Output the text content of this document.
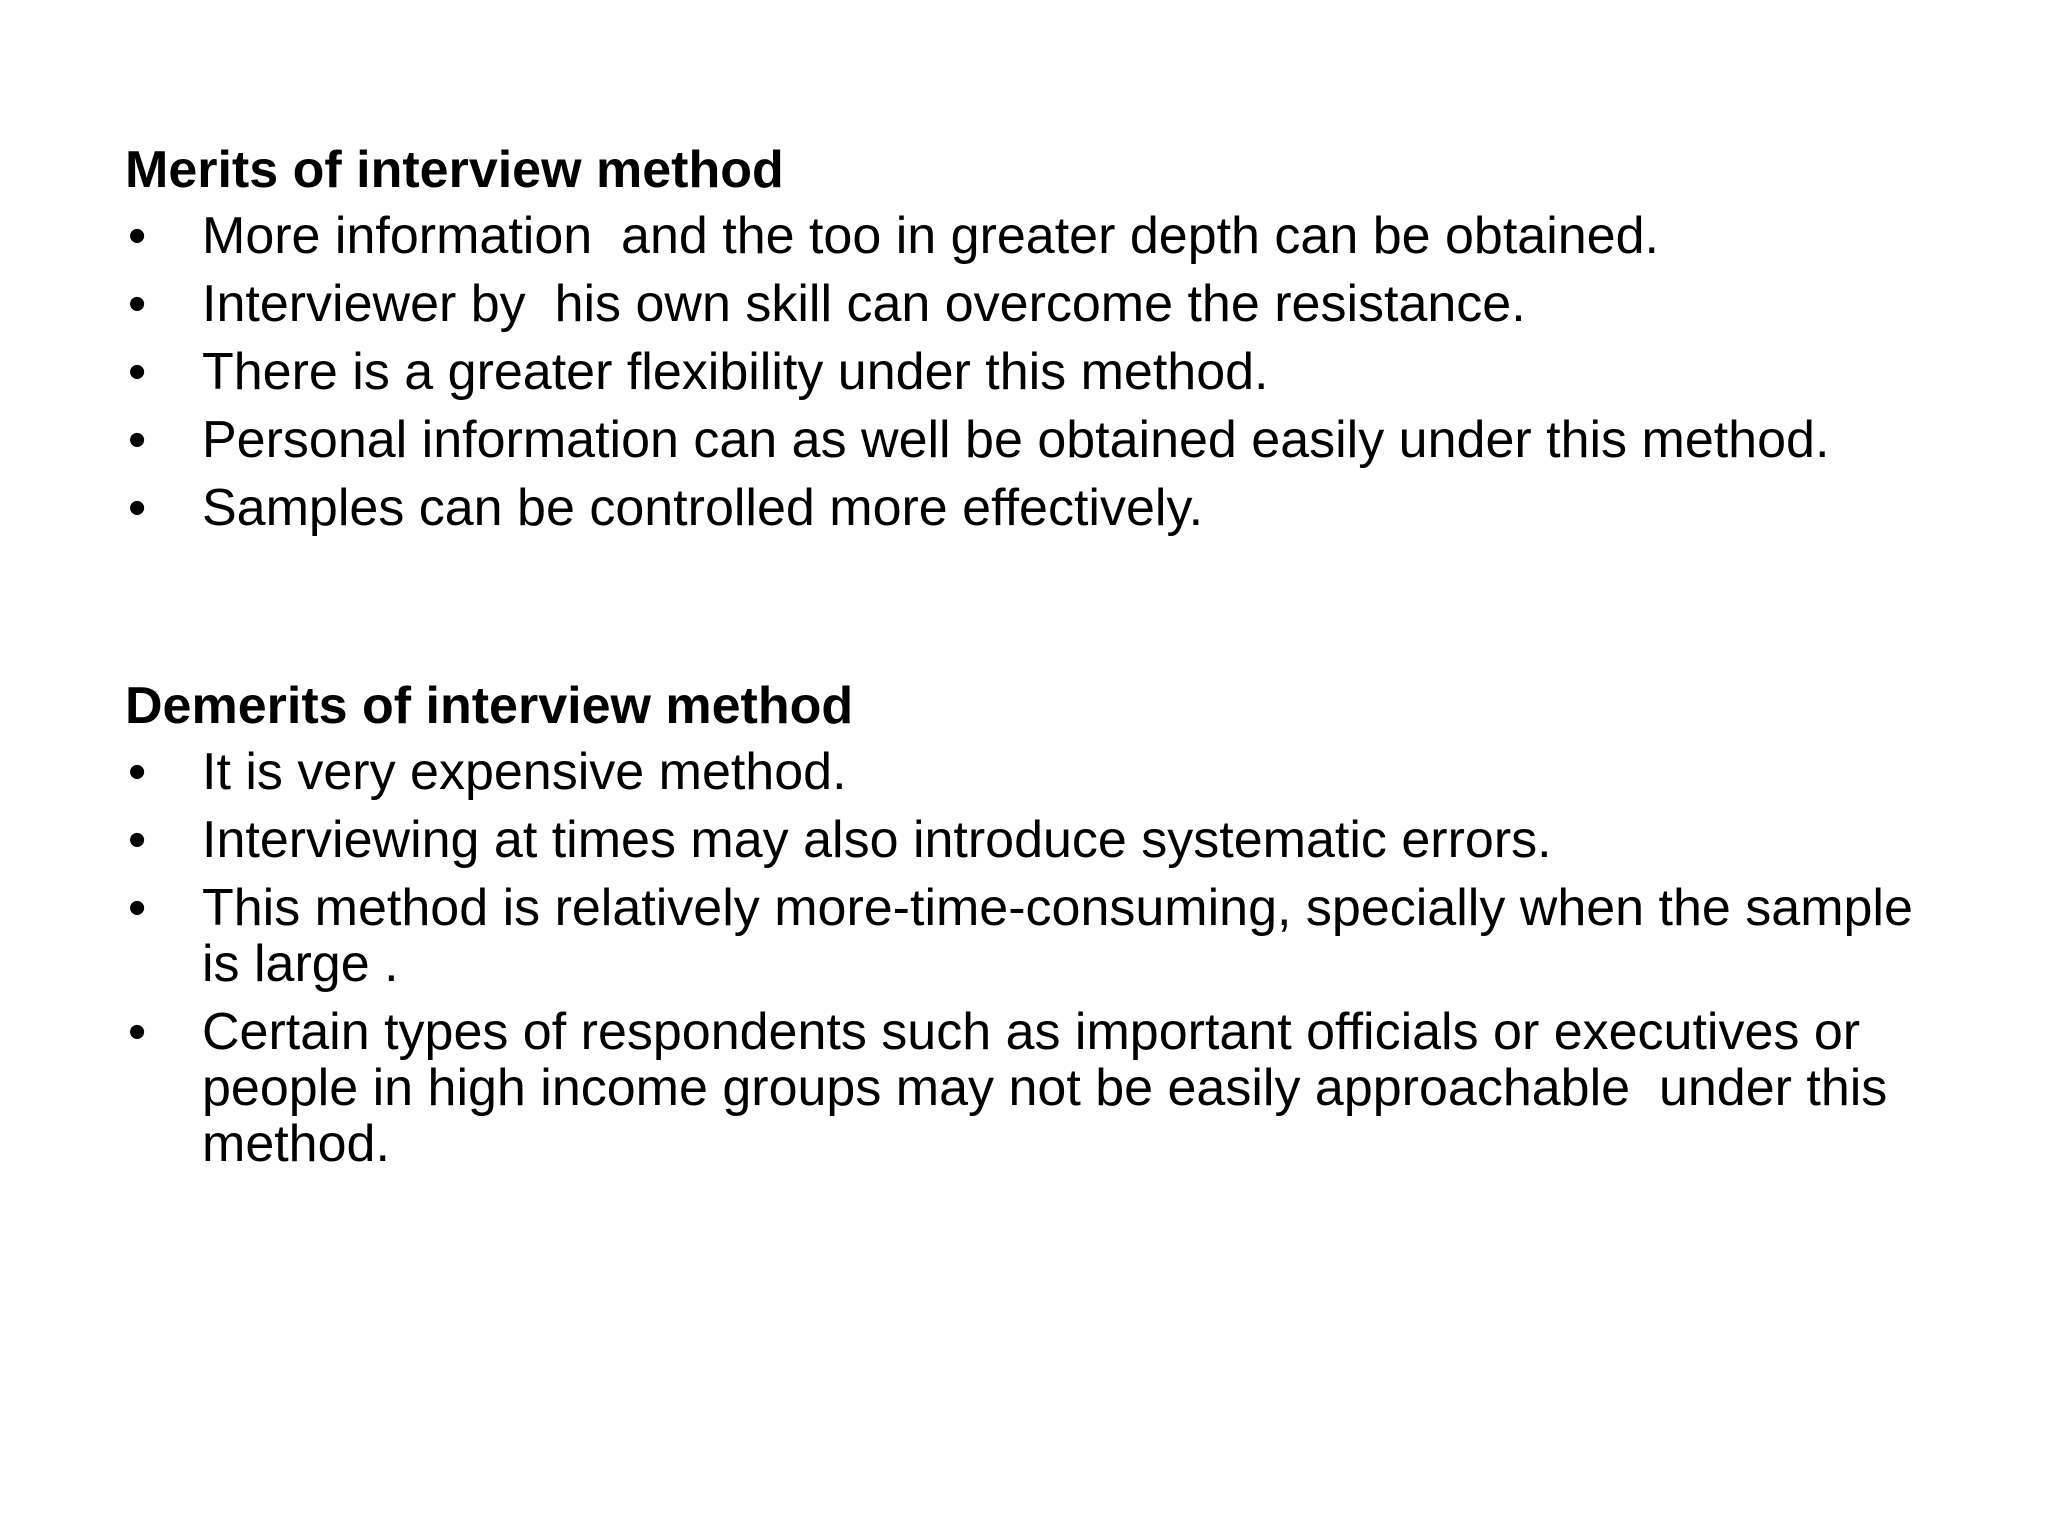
Merits of interview method
•	More information  and the too in greater depth can be obtained.
•	Interviewer by  his own skill can overcome the resistance.
•	There is a greater flexibility under this method.
•	Personal information can as well be obtained easily under this method.
•	Samples can be controlled more effectively.
Demerits of interview method
•	It is very expensive method.
•	Interviewing at times may also introduce systematic errors.
•	This method is relatively more-time-consuming, specially when the sample is large .
•	Certain types of respondents such as important officials or executives or people in high income groups may not be easily approachable  under this method.
